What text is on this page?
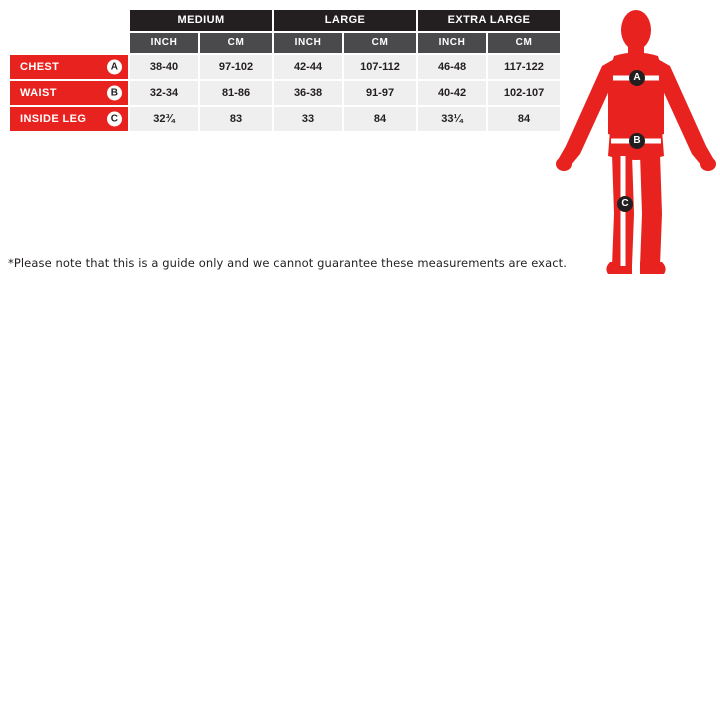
	MEDIUM		LARGE		EXTRA LARGE	
	INCH	CM	INCH	CM	INCH	CM
CHEST A	38-40	97-102	42-44	107-112	46-48	117-122
WAIST B	32-34	81-86	36-38	91-97	40-42	102-107
INSIDE LEG C	32¾	83	33	84	33¼	84
A
B
C
*Please note that this is a guide only and we cannot guarantee these measurements are exact.
